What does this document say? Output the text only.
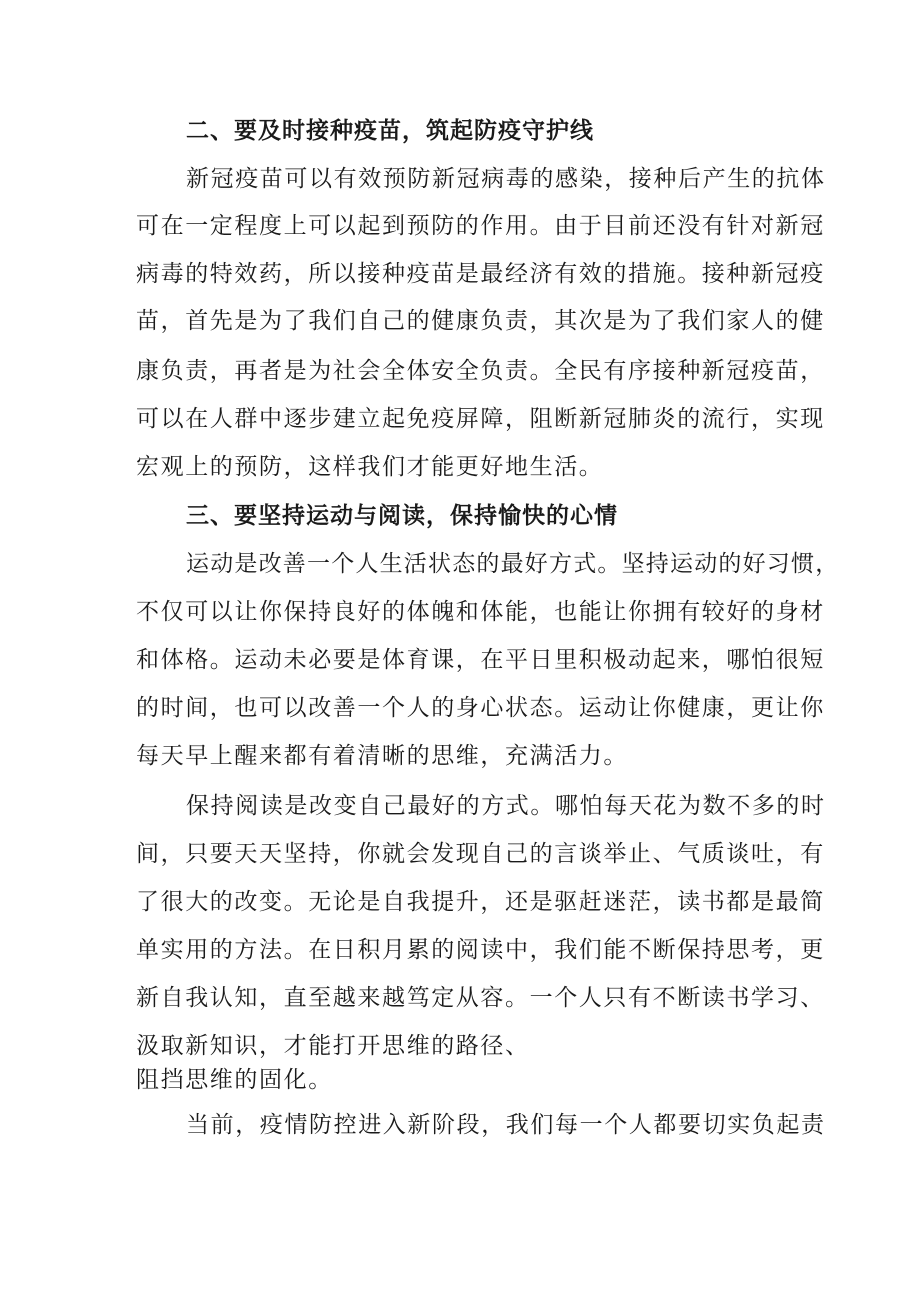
二、要及时接种疫苗，筑起防疫守护线
新冠疫苗可以有效预防新冠病毒的感染，接种后产生的抗体
可在一定程度上可以起到预防的作用。由于目前还没有针对新冠
病毒的特效药，所以接种疫苗是最经济有效的措施。接种新冠疫
苗，首先是为了我们自己的健康负责，其次是为了我们家人的健
康负责，再者是为社会全体安全负责。全民有序接种新冠疫苗，
可以在人群中逐步建立起免疫屏障，阻断新冠肺炎的流行，实现
宏观上的预防，这样我们才能更好地生活。
三、要坚持运动与阅读，保持愉快的心情
运动是改善一个人生活状态的最好方式。坚持运动的好习惯，
不仅可以让你保持良好的体魄和体能，也能让你拥有较好的身材
和体格。运动未必要是体育课，在平日里积极动起来，哪怕很短
的时间，也可以改善一个人的身心状态。运动让你健康，更让你
每天早上醒来都有着清晰的思维，充满活力。
保持阅读是改变自己最好的方式。哪怕每天花为数不多的时
间，只要天天坚持，你就会发现自己的言谈举止、气质谈吐，有
了很大的改变。无论是自我提升，还是驱赶迷茫，读书都是最简
单实用的方法。在日积月累的阅读中，我们能不断保持思考，更
新自我认知，直至越来越笃定从容。一个人只有不断读书学习、
汲取新知识，才能打开思维的路径、
阻挡思维的固化。
当前，疫情防控进入新阶段，我们每一个人都要切实负起责
